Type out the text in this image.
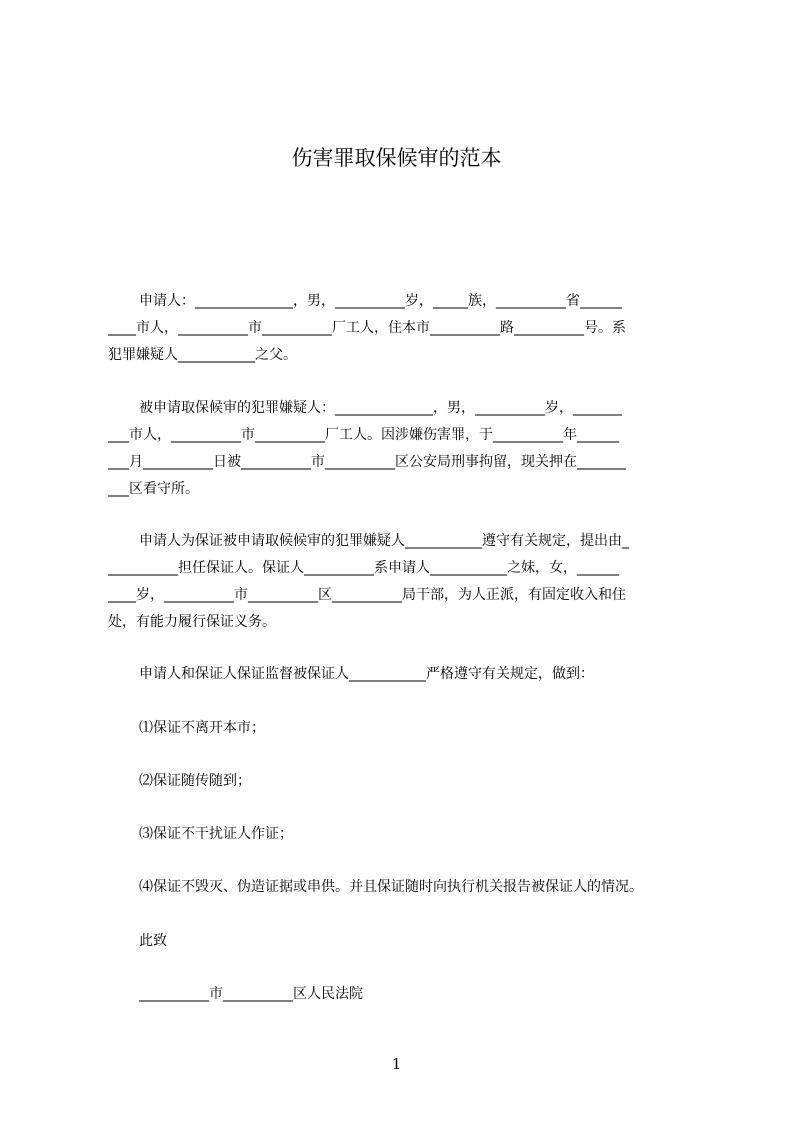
伤害罪取保候审的范本
申请人：______________，男，__________岁，_____族，__________省______
____市人，__________市__________厂工人，住本市__________路__________号。系
犯罪嫌疑人___________之父。
被申请取保候审的犯罪嫌疑人：______________，男，__________岁，_______
___市人，__________市__________厂工人。因涉嫌伤害罪，于__________年______
___月__________日被__________市__________区公安局刑事拘留，现关押在_______
___区看守所。
申请人为保证被申请取候候审的犯罪嫌疑人___________遵守有关规定，提出由_
__________担任保证人。保证人__________系申请人___________之妹，女，______
____岁，__________市__________区__________局干部，为人正派，有固定收入和住
处，有能力履行保证义务。
申请人和保证人保证监督被保证人___________严格遵守有关规定，做到：
⑴保证不离开本市；
⑵保证随传随到；
⑶保证不干扰证人作证；
⑷保证不毁灭、伪造证据或串供。并且保证随时向执行机关报告被保证人的情况。
此致
__________市__________区人民法院
1
